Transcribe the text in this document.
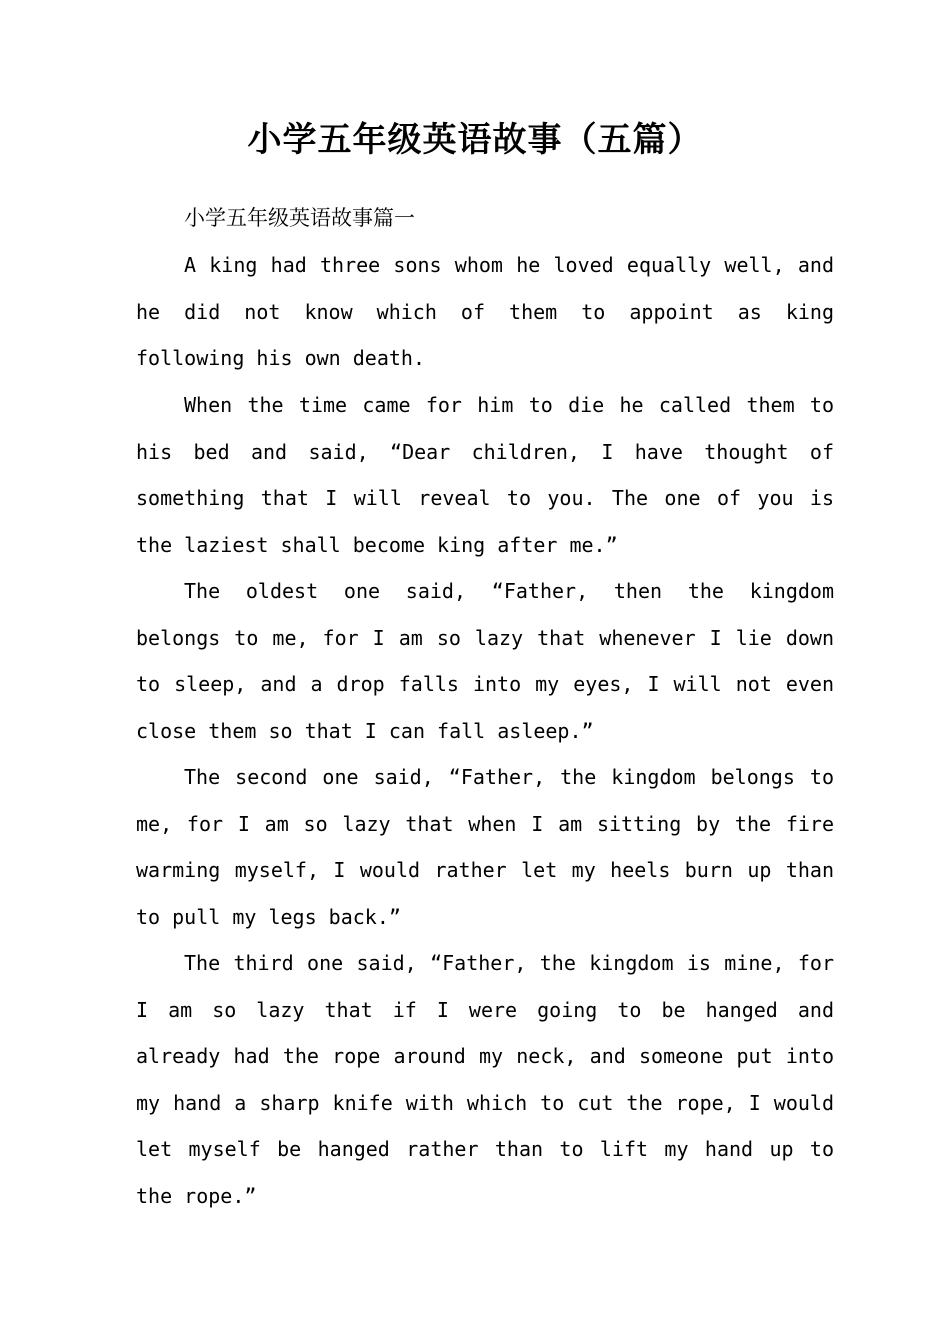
小学五年级英语故事（五篇）
小学五年级英语故事篇一

A king had three sons whom he loved equally well, and he did not know which of them to appoint as king following his own death.

When the time came for him to die he called them to his bed and said, “Dear children, I have thought of something that I will reveal to you. The one of you is the laziest shall become king after me.”

The oldest one said, “Father, then the kingdom belongs to me, for I am so lazy that whenever I lie down to sleep, and a drop falls into my eyes, I will not even close them so that I can fall asleep.”

The second one said, “Father, the kingdom belongs to me, for I am so lazy that when I am sitting by the fire warming myself, I would rather let my heels burn up than to pull my legs back.”

The third one said, “Father, the kingdom is mine, for I am so lazy that if I were going to be hanged and already had the rope around my neck, and someone put into my hand a sharp knife with which to cut the rope, I would let myself be hanged rather than to lift my hand up to the rope.”
